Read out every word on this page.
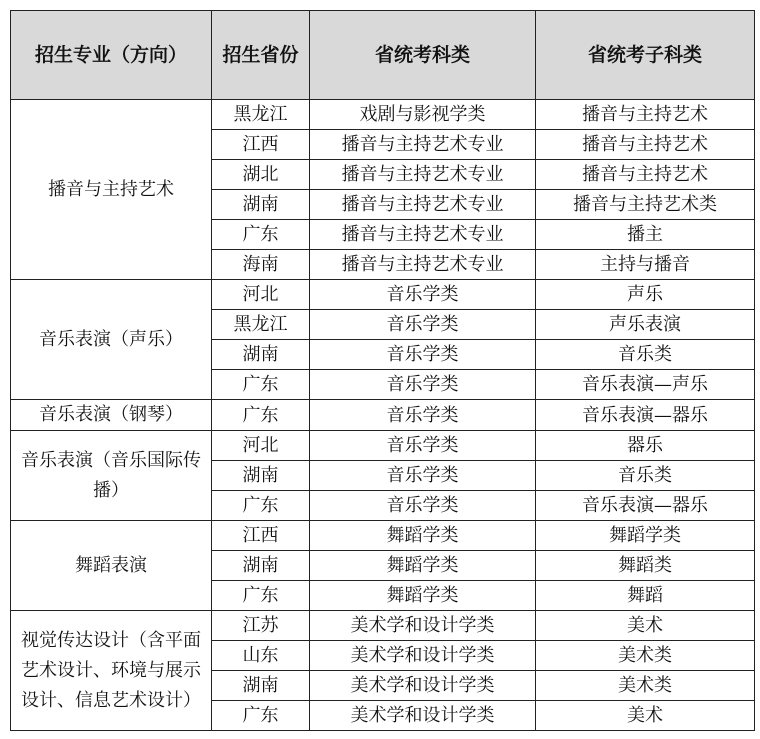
招生专业（方向）	招生省份	省统考科类	省统考子科类
播音与主持艺术	黑龙江	戏剧与影视学类	播音与主持艺术
	江西	播音与主持艺术专业	播音与主持艺术
	湖北	播音与主持艺术专业	播音与主持艺术
	湖南	播音与主持艺术专业	播音与主持艺术类
	广东	播音与主持艺术专业	播主
	海南	播音与主持艺术专业	主持与播音
音乐表演（声乐）	河北	音乐学类	声乐
	黑龙江	音乐学类	声乐表演
	湖南	音乐学类	音乐类
	广东	音乐学类	音乐表演—声乐
音乐表演（钢琴）	广东	音乐学类	音乐表演—器乐
音乐表演（音乐国际传播）	河北	音乐学类	器乐
	湖南	音乐学类	音乐类
	广东	音乐学类	音乐表演—器乐
舞蹈表演	江西	舞蹈学类	舞蹈学类
	湖南	舞蹈学类	舞蹈类
	广东	舞蹈学类	舞蹈
视觉传达设计（含平面艺术设计、环境与展示设计、信息艺术设计）	江苏	美术学和设计学类	美术
	山东	美术学和设计学类	美术类
	湖南	美术学和设计学类	美术类
	广东	美术学和设计学类	美术
